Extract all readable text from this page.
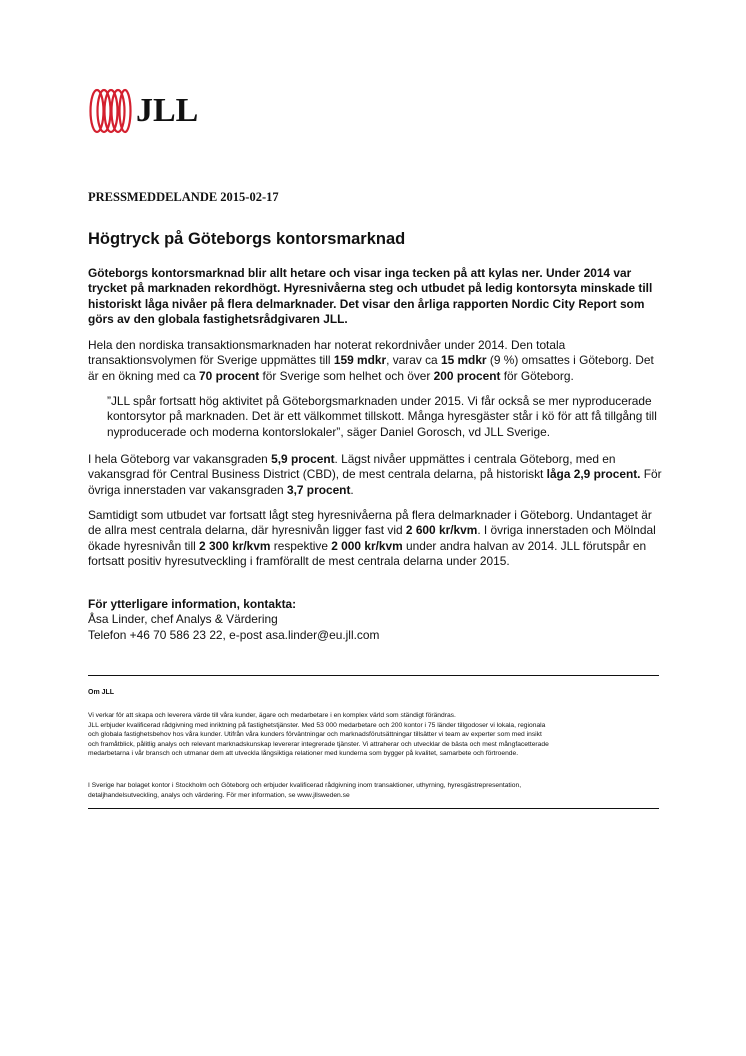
JLL
PRESSMEDDELANDE 2015-02-17
Högtryck på Göteborgs kontorsmarknad
Göteborgs kontorsmarknad blir allt hetare och visar inga tecken på att kylas ner. Under 2014 var trycket på marknaden rekordhögt. Hyresnivåerna steg och utbudet på ledig kontorsyta minskade till historiskt låga nivåer på flera delmarknader. Det visar den årliga rapporten Nordic City Report som görs av den globala fastighetsrådgivaren JLL.
Hela den nordiska transaktionsmarknaden har noterat rekordnivåer under 2014. Den totala transaktionsvolymen för Sverige uppmättes till 159 mdkr, varav ca 15 mdkr (9 %) omsattes i Göteborg. Det är en ökning med ca 70 procent för Sverige som helhet och över 200 procent för Göteborg.
”JLL spår fortsatt hög aktivitet på Göteborgsmarknaden under 2015. Vi får också se mer nyproducerade kontorsytor på marknaden. Det är ett välkommet tillskott. Många hyresgäster står i kö för att få tillgång till nyproducerade och moderna kontorslokaler”, säger Daniel Gorosch, vd JLL Sverige.
I hela Göteborg var vakansgraden 5,9 procent. Lägst nivåer uppmättes i centrala Göteborg, med en vakansgrad för Central Business District (CBD), de mest centrala delarna, på historiskt låga 2,9 procent. För övriga innerstaden var vakansgraden 3,7 procent.
Samtidigt som utbudet var fortsatt lågt steg hyresnivåerna på flera delmarknader i Göteborg. Undantaget är de allra mest centrala delarna, där hyresnivån ligger fast vid 2 600 kr/kvm. I övriga innerstaden och Mölndal ökade hyresnivån till 2 300 kr/kvm respektive 2 000 kr/kvm under andra halvan av 2014. JLL förutspår en fortsatt positiv hyresutveckling i framförallt de mest centrala delarna under 2015.
För ytterligare information, kontakta:
Åsa Linder, chef Analys & Värdering
Telefon +46 70 586 23 22, e-post asa.linder@eu.jll.com
Om JLL
Vi verkar för att skapa och leverera värde till våra kunder, ägare och medarbetare i en komplex värld som ständigt förändras.
JLL erbjuder kvalificerad rådgivning med inriktning på fastighetstjänster. Med 53 000 medarbetare och 200 kontor i 75 länder tillgodoser vi lokala, regionala
och globala fastighetsbehov hos våra kunder. Utifrån våra kunders förväntningar och marknadsförutsättningar tillsätter vi team av experter som med insikt
och framåtblick, pålitlig analys och relevant marknadskunskap levererar integrerade tjänster. Vi attraherar och utvecklar de bästa och mest mångfacetterade
medarbetarna i vår bransch och utmanar dem att utveckla långsiktiga relationer med kunderna som bygger på kvalitet, samarbete och förtroende.
I Sverige har bolaget kontor i Stockholm och Göteborg och erbjuder kvalificerad rådgivning inom transaktioner, uthyrning, hyresgästrepresentation,
detaljhandelsutveckling, analys och värdering. För mer information, se www.jllsweden.se
